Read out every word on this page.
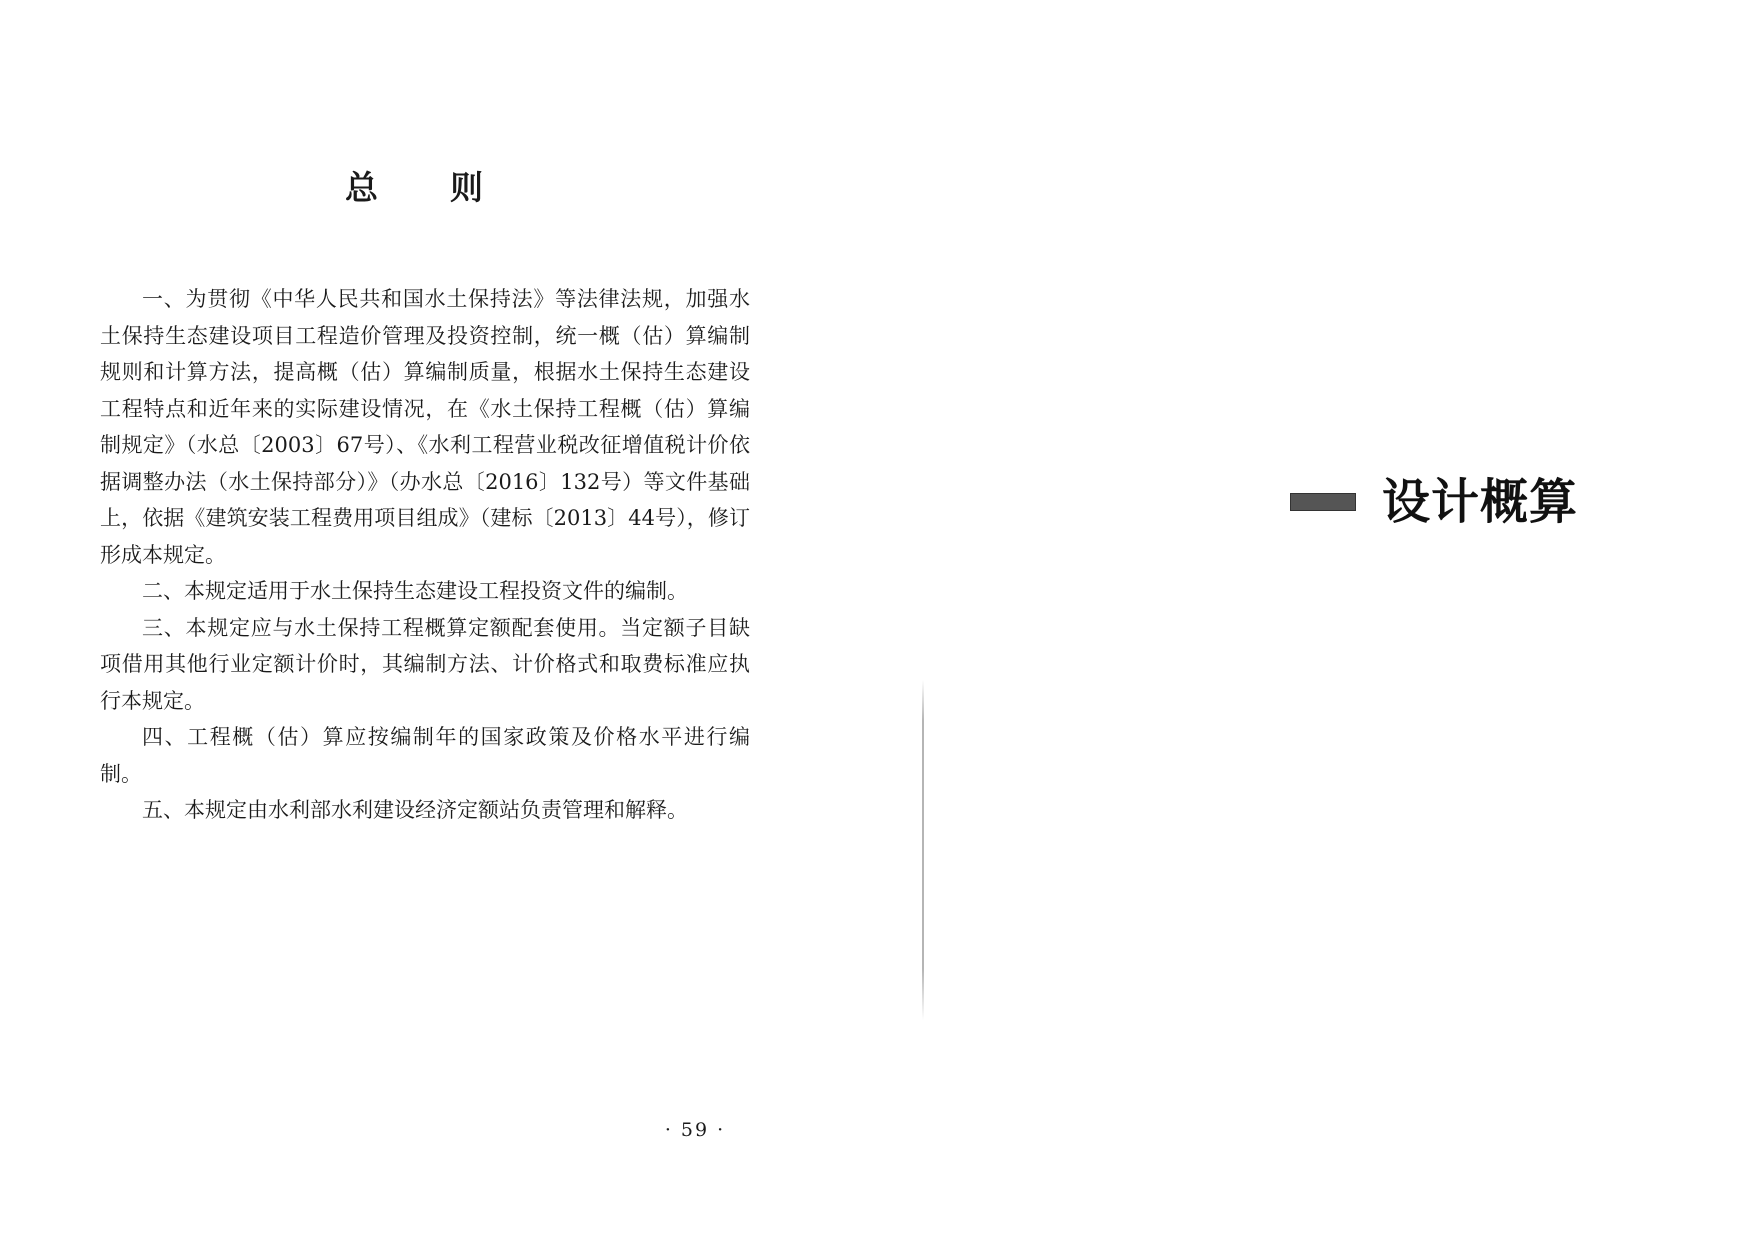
总 则

一、为贯彻《中华人民共和国水土保持法》等法律法规，加强水土保持生态建设项目工程造价管理及投资控制，统一概（估）算编制规则和计算方法，提高概（估）算编制质量，根据水土保持生态建设工程特点和近年来的实际建设情况，在《水土保持工程概（估）算编制规定》（水总〔2003〕67号）、《水利工程营业税改征增值税计价依据调整办法（水土保持部分）》（办水总〔2016〕132号）等文件基础上，依据《建筑安装工程费用项目组成》（建标〔2013〕44号），修订形成本规定。

二、本规定适用于水土保持生态建设工程投资文件的编制。

三、本规定应与水土保持工程概算定额配套使用。当定额子目缺项借用其他行业定额计价时，其编制方法、计价格式和取费标准应执行本规定。

四、工程概（估）算应按编制年的国家政策及价格水平进行编制。

五、本规定由水利部水利建设经济定额站负责管理和解释。

· 59 ·
设计概算
